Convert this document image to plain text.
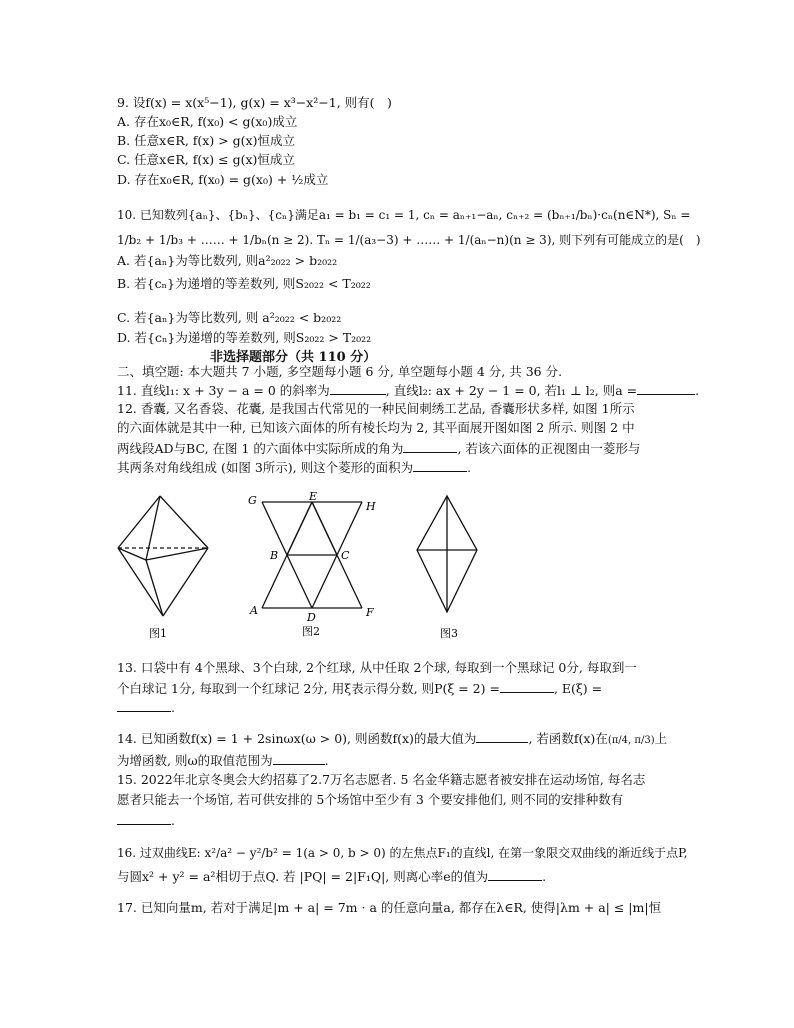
9. 设f(x) = x(x⁵−1), g(x) = x³−x²−1, 则有(　)
A. 存在x₀∈R, f(x₀) < g(x₀)成立
B. 任意x∈R, f(x) > g(x)恒成立
C. 任意x∈R, f(x) ≤ g(x)恒成立
D. 存在x₀∈R, f(x₀) = g(x₀) + ½成立
10. 已知数列{aₙ}、{bₙ}、{cₙ}满足a₁ = b₁ = c₁ = 1, cₙ = aₙ₊₁−aₙ, cₙ₊₂ = (bₙ₊₁/bₙ)·cₙ(n∈N*), Sₙ =
1/b₂ + 1/b₃ + …… + 1/bₙ(n ≥ 2). Tₙ = 1/(a₃−3) + …… + 1/(aₙ−n)(n ≥ 3), 则下列有可能成立的是(　)
A. 若{aₙ}为等比数列, 则a²₂₀₂₂ > b₂₀₂₂
B. 若{cₙ}为递增的等差数列, 则S₂₀₂₂ < T₂₀₂₂
C. 若{aₙ}为等比数列, 则 a²₂₀₂₂ < b₂₀₂₂
D. 若{cₙ}为递增的等差数列, 则S₂₀₂₂ > T₂₀₂₂
非选择题部分（共 110 分）
二、填空题: 本大题共 7 小题, 多空题每小题 6 分, 单空题每小题 4 分, 共 36 分.
11. 直线l₁: x + 3y − a = 0 的斜率为	, 直线l₂: ax + 2y − 1 = 0, 若l₁ ⊥ l₂, 则a =	.
12. 香囊, 又名香袋、花囊, 是我国古代常见的一种民间刺绣工艺品, 香囊形状多样, 如图 1所示
的六面体就是其中一种, 已知该六面体的所有棱长均为 2, 其平面展开图如图 2 所示. 则图 2 中
两线段AD与BC, 在图 1 的六面体中实际所成的角为	, 若该六面体的正视图由一菱形与
其两条对角线组成 (如图 3所示), 则这个菱形的面积为	.
图1
G	E
H
B	C
A
D	F
图2	图3
13. 口袋中有 4个黑球、3个白球, 2个红球, 从中任取 2个球, 每取到一个黑球记 0分, 每取到一
个白球记 1分, 每取到一个红球记 2分, 用ξ表示得分数, 则P(ξ = 2) =	, E(ξ) =
.
14. 已知函数f(x) = 1 + 2sinωx(ω > 0), 则函数f(x)的最大值为	, 若函数f(x)在(π/4, π/3)上
为增函数, 则ω的取值范围为	.
15. 2022年北京冬奥会大约招募了2.7万名志愿者. 5 名金华籍志愿者被安排在运动场馆, 每名志
愿者只能去一个场馆, 若可供安排的 5个场馆中至少有 3 个要安排他们, 则不同的安排种数有
.
16. 过双曲线E: x²/a² − y²/b² = 1(a > 0, b > 0) 的左焦点F₁的直线l, 在第一象限交双曲线的渐近线于点P,
与圆x² + y² = a²相切于点Q. 若 |PQ| = 2|F₁Q|, 则离心率e的值为	.
17. 已知向量m, 若对于满足|m + a| = 7m · a 的任意向量a, 都存在λ∈R, 使得|λm + a| ≤ |m|恒
